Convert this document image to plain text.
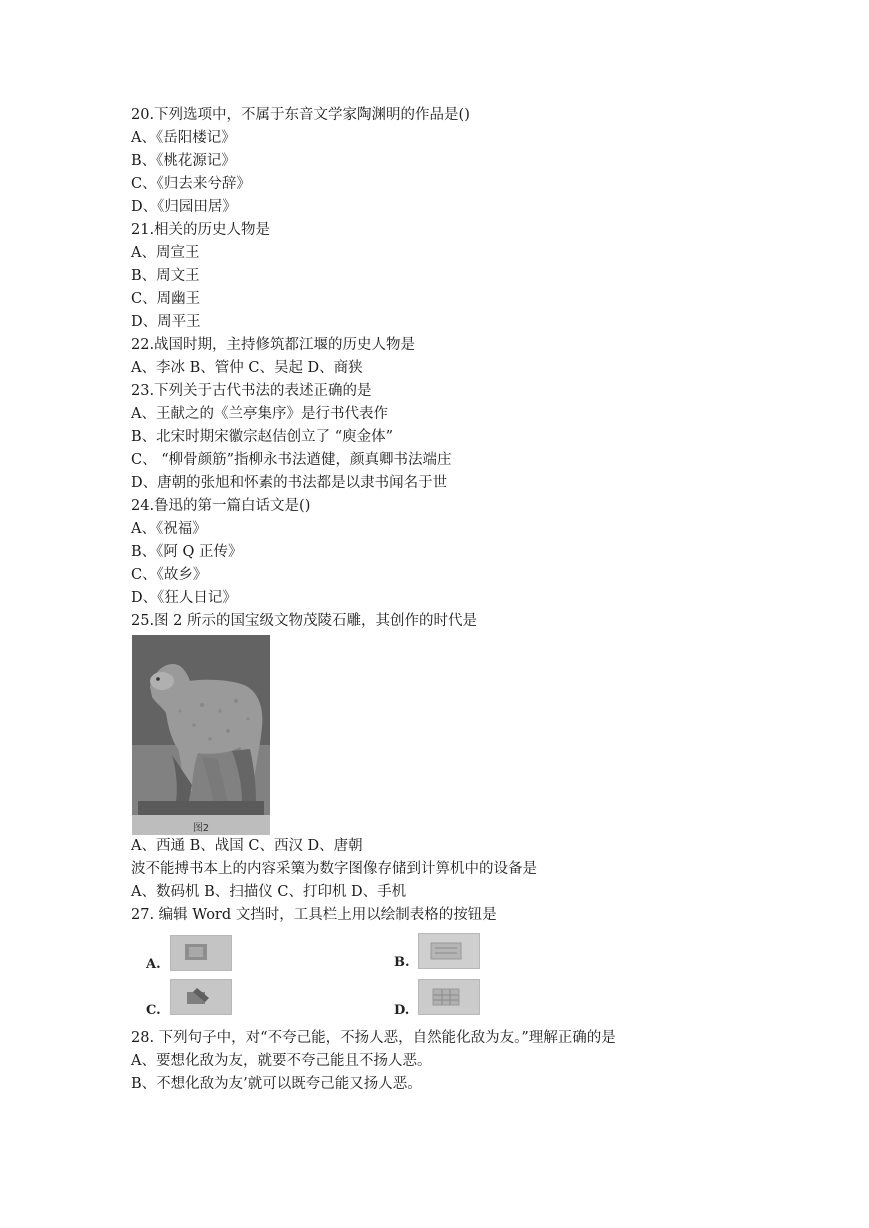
20.下列选项中，不属于东音文学家陶渊明的作品是()
A、《岳阳楼记》
B、《桃花源记》
C、《归去来兮辞》
D、《归园田居》
21.相关的历史人物是
A、周宣王
B、周文王
C、周幽王
D、周平王
22.战国时期，主持修筑都江堰的历史人物是
A、李冰 B、管仲 C、吴起 D、商狭
23.下列关于古代书法的表述正确的是
A、王献之的《兰亭集序》是行书代表作
B、北宋时期宋徽宗赵佶创立了 “庾金体”
C、 “柳骨颜筋”指柳永书法遒健，颜真卿书法端庄
D、唐朝的张旭和怀素的书法都是以隶书闻名于世
24.鲁迅的第一篇白话文是()
A、《祝福》
B、《阿 Q 正传》
C、《故乡》
D、《狂人日记》
25.图 2 所示的国宝级文物茂陵石雕，其创作的时代是
图2
A、西通 B、战国 C、西汉 D、唐朝
波不能搏书本上的内容采篥为数字图像存储到计箅机中的设备是
A、数码机 B、扫描仪 C、打印机 D、手机
27. 编辑 Word 文挡时，工具栏上用以绘制表格的按钮是
A.	B.
C.	D.
28. 下列句子中，对“不夸己能，不扬人恶，自然能化敌为友。”理解正确的是
A、要想化敌为友，就要不夸己能且不扬人恶。
B、不想化敌为友’就可以既夸己能又扬人恶。
